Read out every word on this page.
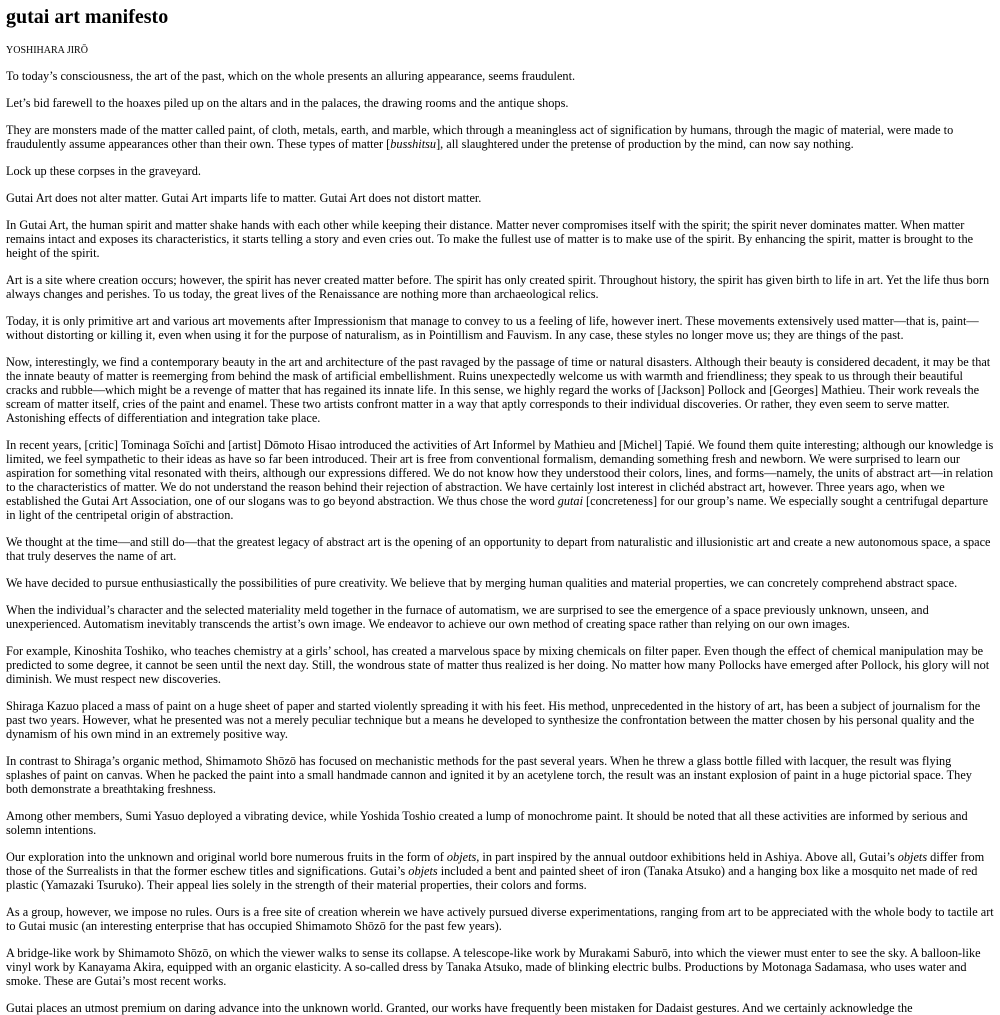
gutai art manifesto
YOSHIHARA JIRŌ

To today’s consciousness, the art of the past, which on the whole presents an alluring appearance, seems fraudulent.

Let’s bid farewell to the hoaxes piled up on the altars and in the palaces, the drawing rooms and the antique shops.

They are monsters made of the matter called paint, of cloth, metals, earth, and marble, which through a meaningless act of signification by humans, through the magic of material, were made to fraudulently assume appearances other than their own. These types of matter [busshitsu], all slaughtered under the pretense of production by the mind, can now say nothing.

Lock up these corpses in the graveyard.

Gutai Art does not alter matter. Gutai Art imparts life to matter. Gutai Art does not distort matter.

In Gutai Art, the human spirit and matter shake hands with each other while keeping their distance. Matter never compromises itself with the spirit; the spirit never dominates matter. When matter remains intact and exposes its characteristics, it starts telling a story and even cries out. To make the fullest use of matter is to make use of the spirit. By enhancing the spirit, matter is brought to the height of the spirit.

Art is a site where creation occurs; however, the spirit has never created matter before. The spirit has only created spirit. Throughout history, the spirit has given birth to life in art. Yet the life thus born always changes and perishes. To us today, the great lives of the Renaissance are nothing more than archaeological relics.

Today, it is only primitive art and various art movements after Impressionism that manage to convey to us a feeling of life, however inert. These movements extensively used matter—that is, paint—without distorting or killing it, even when using it for the purpose of naturalism, as in Pointillism and Fauvism. In any case, these styles no longer move us; they are things of the past.

Now, interestingly, we find a contemporary beauty in the art and architecture of the past ravaged by the passage of time or natural disasters. Although their beauty is considered decadent, it may be that the innate beauty of matter is reemerging from behind the mask of artificial embellishment. Ruins unexpectedly welcome us with warmth and friendliness; they speak to us through their beautiful cracks and rubble—which might be a revenge of matter that has regained its innate life. In this sense, we highly regard the works of [Jackson] Pollock and [Georges] Mathieu. Their work reveals the scream of matter itself, cries of the paint and enamel. These two artists confront matter in a way that aptly corresponds to their individual discoveries. Or rather, they even seem to serve matter. Astonishing effects of differentiation and integration take place.

In recent years, [critic] Tominaga Soīchi and [artist] Dōmoto Hisao introduced the activities of Art Informel by Mathieu and [Michel] Tapié. We found them quite interesting; although our knowledge is limited, we feel sympathetic to their ideas as have so far been introduced. Their art is free from conventional formalism, demanding something fresh and newborn. We were surprised to learn our aspiration for something vital resonated with theirs, although our expressions differed. We do not know how they understood their colors, lines, and forms—namely, the units of abstract art—in relation to the characteristics of matter. We do not understand the reason behind their rejection of abstraction. We have certainly lost interest in clichéd abstract art, however. Three years ago, when we established the Gutai Art Association, one of our slogans was to go beyond abstraction. We thus chose the word gutai [concreteness] for our group’s name. We especially sought a centrifugal departure in light of the centripetal origin of abstraction.

We thought at the time—and still do—that the greatest legacy of abstract art is the opening of an opportunity to depart from naturalistic and illusionistic art and create a new autonomous space, a space that truly deserves the name of art.

We have decided to pursue enthusiastically the possibilities of pure creativity. We believe that by merging human qualities and material properties, we can concretely comprehend abstract space.

When the individual’s character and the selected materiality meld together in the furnace of automatism, we are surprised to see the emergence of a space previously unknown, unseen, and unexperienced. Automatism inevitably transcends the artist’s own image. We endeavor to achieve our own method of creating space rather than relying on our own images.

For example, Kinoshita Toshiko, who teaches chemistry at a girls’ school, has created a marvelous space by mixing chemicals on filter paper. Even though the effect of chemical manipulation may be predicted to some degree, it cannot be seen until the next day. Still, the wondrous state of matter thus realized is her doing. No matter how many Pollocks have emerged after Pollock, his glory will not diminish. We must respect new discoveries.

Shiraga Kazuo placed a mass of paint on a huge sheet of paper and started violently spreading it with his feet. His method, unprecedented in the history of art, has been a subject of journalism for the past two years. However, what he presented was not a merely peculiar technique but a means he developed to synthesize the confrontation between the matter chosen by his personal quality and the dynamism of his own mind in an extremely positive way.

In contrast to Shiraga’s organic method, Shimamoto Shōzō has focused on mechanistic methods for the past several years. When he threw a glass bottle filled with lacquer, the result was flying splashes of paint on canvas. When he packed the paint into a small handmade cannon and ignited it by an acetylene torch, the result was an instant explosion of paint in a huge pictorial space. They both demonstrate a breathtaking freshness.

Among other members, Sumi Yasuo deployed a vibrating device, while Yoshida Toshio created a lump of monochrome paint. It should be noted that all these activities are informed by serious and solemn intentions.

Our exploration into the unknown and original world bore numerous fruits in the form of objets, in part inspired by the annual outdoor exhibitions held in Ashiya. Above all, Gutai’s objets differ from those of the Surrealists in that the former eschew titles and significations. Gutai’s objets included a bent and painted sheet of iron (Tanaka Atsuko) and a hanging box like a mosquito net made of red plastic (Yamazaki Tsuruko). Their appeal lies solely in the strength of their material properties, their colors and forms.

As a group, however, we impose no rules. Ours is a free site of creation wherein we have actively pursued diverse experimentations, ranging from art to be appreciated with the whole body to tactile art to Gutai music (an interesting enterprise that has occupied Shimamoto Shōzō for the past few years).

A bridge-like work by Shimamoto Shōzō, on which the viewer walks to sense its collapse. A telescope-like work by Murakami Saburō, into which the viewer must enter to see the sky. A balloon-like vinyl work by Kanayama Akira, equipped with an organic elasticity. A so-called dress by Tanaka Atsuko, made of blinking electric bulbs. Productions by Motonaga Sadamasa, who uses water and smoke. These are Gutai’s most recent works.

Gutai places an utmost premium on daring advance into the unknown world. Granted, our works have frequently been mistaken for Dadaist gestures. And we certainly acknowledge the
